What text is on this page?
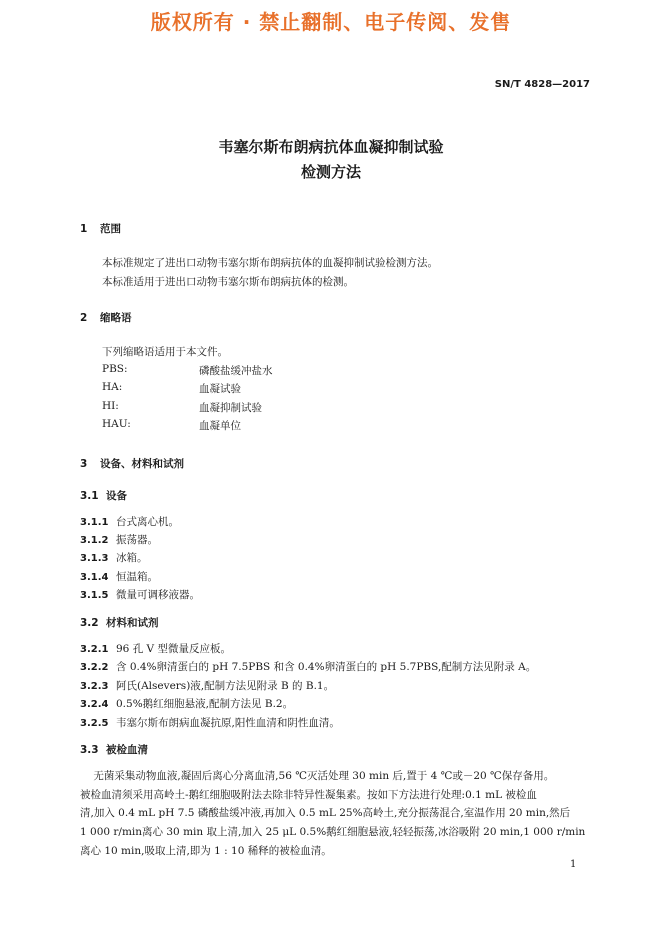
版权所有 · 禁止翻制、电子传阅、发售
SN/T 4828—2017
韦塞尔斯布朗病抗体血凝抑制试验
检测方法
1 范围
本标准规定了进出口动物韦塞尔斯布朗病抗体的血凝抑制试验检测方法。
本标准适用于进出口动物韦塞尔斯布朗病抗体的检测。
2 缩略语
下列缩略语适用于本文件。
PBS:	磷酸盐缓冲盐水
HA:	血凝试验
HI:	血凝抑制试验
HAU:	血凝单位
3 设备、材料和试剂
3.1 设备
3.1.1 台式离心机。
3.1.2 振荡器。
3.1.3 冰箱。
3.1.4 恒温箱。
3.1.5 微量可调移液器。
3.2 材料和试剂
3.2.1 96 孔 V 型微量反应板。
3.2.2 含 0.4%卵清蛋白的 pH 7.5PBS 和含 0.4%卵清蛋白的 pH 5.7PBS,配制方法见附录 A。
3.2.3 阿氏(Alsevers)液,配制方法见附录 B 的 B.1。
3.2.4 0.5%鹅红细胞悬液,配制方法见 B.2。
3.2.5 韦塞尔斯布朗病血凝抗原,阳性血清和阴性血清。
3.3 被检血清
无菌采集动物血液,凝固后离心分离血清,56 ℃灭活处理 30 min 后,置于 4 ℃或－20 ℃保存备用。
被检血清须采用高岭土-鹅红细胞吸附法去除非特异性凝集素。按如下方法进行处理:0.1 mL 被检血
清,加入 0.4 mL pH 7.5 磷酸盐缓冲液,再加入 0.5 mL 25%高岭土,充分振荡混合,室温作用 20 min,然后
1 000 r/min离心 30 min 取上清,加入 25 μL 0.5%鹅红细胞悬液,轻轻振荡,冰浴吸附 20 min,1 000 r/min
离心 10 min,吸取上清,即为 1 : 10 稀释的被检血清。
1
